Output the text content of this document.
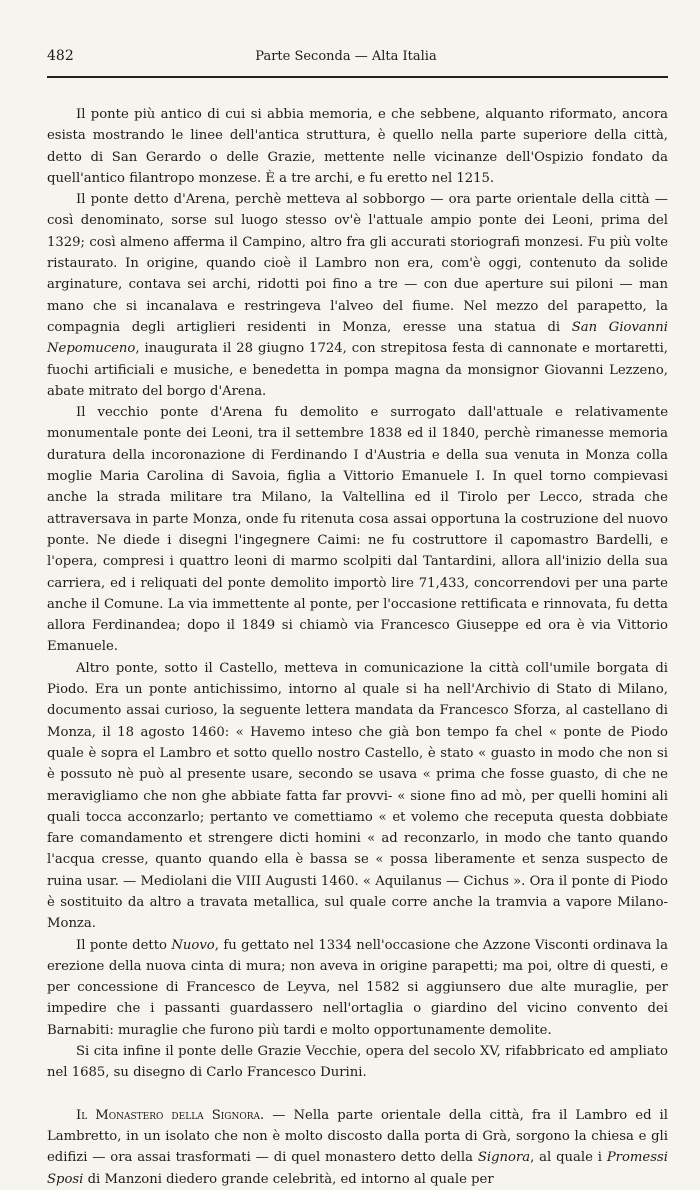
482	Parte Seconda — Alta Italia

Il ponte più antico di cui si abbia memoria, e che sebbene, alquanto riformato, ancora esista mostrando le linee dell'antica struttura, è quello nella parte superiore della città, detto di San Gerardo o delle Grazie, mettente nelle vicinanze dell'Ospizio fondato da quell'antico filantropo monzese. È a tre archi, e fu eretto nel 1215.

Il ponte detto d'Arena, perchè metteva al sobborgo — ora parte orientale della città — così denominato, sorse sul luogo stesso ov'è l'attuale ampio ponte dei Leoni, prima del 1329; così almeno afferma il Campino, altro fra gli accurati storiografi monzesi. Fu più volte ristaurato. In origine, quando cioè il Lambro non era, com'è oggi, contenuto da solide arginature, contava sei archi, ridotti poi fino a tre — con due aperture sui piloni — man mano che si incanalava e restringeva l'alveo del fiume. Nel mezzo del parapetto, la compagnia degli artiglieri residenti in Monza, eresse una statua di San Giovanni Nepomuceno, inaugurata il 28 giugno 1724, con strepitosa festa di cannonate e mortaretti, fuochi artificiali e musiche, e benedetta in pompa magna da monsignor Giovanni Lezzeno, abate mitrato del borgo d'Arena.

Il vecchio ponte d'Arena fu demolito e surrogato dall'attuale e relativamente monumentale ponte dei Leoni, tra il settembre 1838 ed il 1840, perchè rimanesse memoria duratura della incoronazione di Ferdinando I d'Austria e della sua venuta in Monza colla moglie Maria Carolina di Savoia, figlia a Vittorio Emanuele I. In quel torno compievasi anche la strada militare tra Milano, la Valtellina ed il Tirolo per Lecco, strada che attraversava in parte Monza, onde fu ritenuta cosa assai opportuna la costruzione del nuovo ponte. Ne diede i disegni l'ingegnere Caimi: ne fu costruttore il capomastro Bardelli, e l'opera, compresi i quattro leoni di marmo scolpiti dal Tantardini, allora all'inizio della sua carriera, ed i reliquati del ponte demolito importò lire 71,433, concorrendovi per una parte anche il Comune. La via immettente al ponte, per l'occasione rettificata e rinnovata, fu detta allora Ferdinandea; dopo il 1849 si chiamò via Francesco Giuseppe ed ora è via Vittorio Emanuele.

Altro ponte, sotto il Castello, metteva in comunicazione la città coll'umile borgata di Piodo. Era un ponte antichissimo, intorno al quale si ha nell'Archivio di Stato di Milano, documento assai curioso, la seguente lettera mandata da Francesco Sforza, al castellano di Monza, il 18 agosto 1460: « Havemo inteso che già bon tempo fa chel « ponte de Piodo quale è sopra el Lambro et sotto quello nostro Castello, è stato « guasto in modo che non si è possuto nè può al presente usare, secondo se usava « prima che fosse guasto, di che ne meravigliamo che non ghe abbiate fatta far provvi- « sione fino ad mò, per quelli homini ali quali tocca acconzarlo; pertanto ve comettiamo « et volemo che receputa questa dobbiate fare comandamento et strengere dicti homini « ad reconzarlo, in modo che tanto quando l'acqua cresse, quanto quando ella è bassa se « possa liberamente et senza suspecto de ruina usar. — Mediolani die VIII Augusti 1460. « Aquilanus — Cichus ». Ora il ponte di Piodo è sostituito da altro a travata metallica, sul quale corre anche la tramvia a vapore Milano-Monza.

Il ponte detto Nuovo, fu gettato nel 1334 nell'occasione che Azzone Visconti ordinava la erezione della nuova cinta di mura; non aveva in origine parapetti; ma poi, oltre di questi, e per concessione di Francesco de Leyva, nel 1582 si aggiunsero due alte muraglie, per impedire che i passanti guardassero nell'ortaglia o giardino del vicino convento dei Barnabiti: muraglie che furono più tardi e molto opportunamente demolite.

Si cita infine il ponte delle Grazie Vecchie, opera del secolo XV, rifabbricato ed ampliato nel 1685, su disegno di Carlo Francesco Durini.

Il Monastero della Signora. — Nella parte orientale della città, fra il Lambro ed il Lambretto, in un isolato che non è molto discosto dalla porta di Grà, sorgono la chiesa e gli edifizi — ora assai trasformati — di quel monastero detto della Signora, al quale i Promessi Sposi di Manzoni diedero grande celebrità, ed intorno al quale per
